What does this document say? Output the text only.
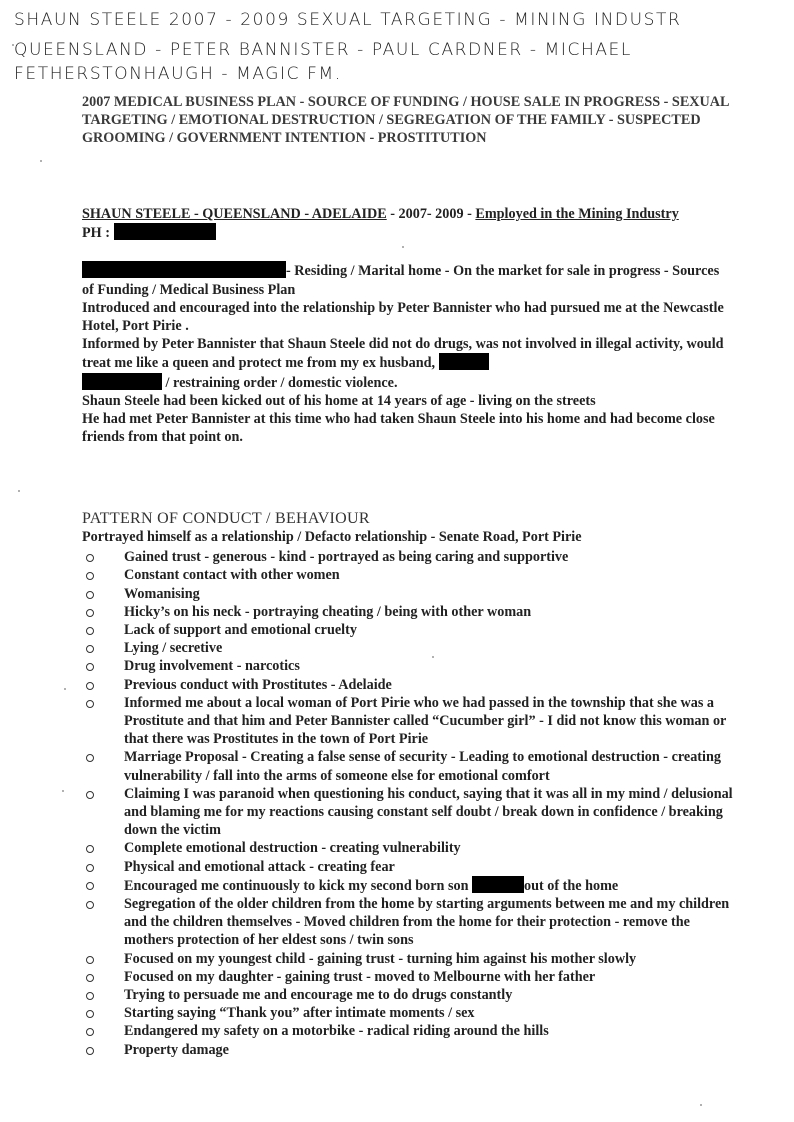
SHAUN STEELE 2007 - 2009 SEXUAL TARGETING - MINING INDUSTR
QUEENSLAND - PETER BANNISTER - PAUL CARDNER - MICHAEL
FETHERSTONHAUGH - MAGIC FM.
2007 MEDICAL BUSINESS PLAN - SOURCE OF FUNDING / HOUSE SALE IN PROGRESS - SEXUAL TARGETING / EMOTIONAL DESTRUCTION / SEGREGATION OF THE FAMILY - SUSPECTED GROOMING / GOVERNMENT INTENTION - PROSTITUTION

SHAUN STEELE - QUEENSLAND - ADELAIDE - 2007- 2009 - Employed in the Mining Industry

PH :

- Residing / Marital home - On the market for sale in progress - Sources of Funding / Medical Business Plan

Introduced and encouraged into the relationship by Peter Bannister who had pursued me at the Newcastle Hotel, Port Pirie .

Informed by Peter Bannister that Shaun Steele did not do drugs, was not involved in illegal activity, would treat me like a queen and protect me from my ex husband,
/ restraining order / domestic violence.

Shaun Steele had been kicked out of his home at 14 years of age - living on the streets

He had met Peter Bannister at this time who had taken Shaun Steele into his home and had become close friends from that point on.

PATTERN OF CONDUCT / BEHAVIOUR
Portrayed himself as a relationship / Defacto relationship - Senate Road, Port Pirie
Gained trust - generous - kind - portrayed as being caring and supportive
Constant contact with other women
Womanising
Hicky’s on his neck - portraying cheating / being with other woman
Lack of support and emotional cruelty
Lying / secretive
Drug involvement - narcotics
Previous conduct with Prostitutes - Adelaide
Informed me about a local woman of Port Pirie who we had passed in the township that she was a Prostitute and that him and Peter Bannister called “Cucumber girl” - I did not know this woman or that there was Prostitutes in the town of Port Pirie
Marriage Proposal - Creating a false sense of security - Leading to emotional destruction - creating vulnerability / fall into the arms of someone else for emotional comfort
Claiming I was paranoid when questioning his conduct, saying that it was all in my mind / delusional and blaming me for my reactions causing constant self doubt / break down in confidence / breaking down the victim
Complete emotional destruction - creating vulnerability
Physical and emotional attack - creating fear
Encouraged me continuously to kick my second born son	out of the home
Segregation of the older children from the home by starting arguments between me and my children and the children themselves - Moved children from the home for their protection - remove the mothers protection of her eldest sons / twin sons
Focused on my youngest child - gaining trust - turning him against his mother slowly
Focused on my daughter - gaining trust - moved to Melbourne with her father
Trying to persuade me and encourage me to do drugs constantly
Starting saying “Thank you” after intimate moments / sex
Endangered my safety on a motorbike - radical riding around the hills
Property damage
